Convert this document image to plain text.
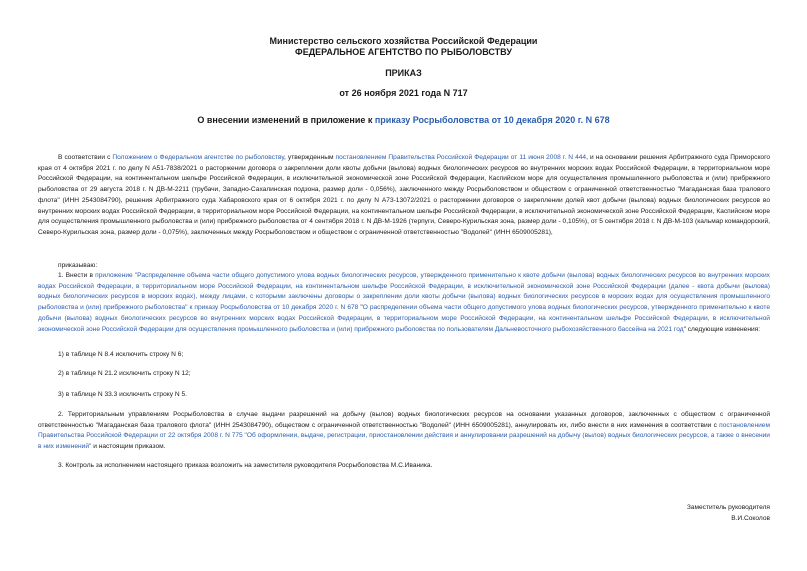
Министерство сельского хозяйства Российской Федерации

ФЕДЕРАЛЬНОЕ АГЕНТСТВО ПО РЫБОЛОВСТВУ

ПРИКАЗ

от 26 ноября 2021 года N 717

О внесении изменений в приложение к приказу Росрыболовства от 10 декабря 2020 г. N 678

В соответствии с Положением о Федеральном агентстве по рыболовству, утвержденным постановлением Правительства Российской Федерации от 11 июня 2008 г. N 444, и на основании решения Арбитражного суда Приморского края от 4 октября 2021 г. по делу N А51-7838/2021 о расторжении договора о закреплении доли квоты добычи (вылова) водных биологических ресурсов во внутренних морских водах Российской Федерации, в территориальном море Российской Федерации, на континентальном шельфе Российской Федерации, в исключительной экономической зоне Российской Федерации, Каспийском море для осуществления промышленного рыболовства и (или) прибрежного рыболовства от 29 августа 2018 г. N ДВ-М-2211 (трубачи, Западно-Сахалинская подзона, размер доли - 0,056%), заключенного между Росрыболовством и обществом с ограниченной ответственностью "Магаданская база тралового флота" (ИНН 2543084790), решения Арбитражного суда Хабаровского края от 6 октября 2021 г. по делу N А73-13072/2021 о расторжении договоров о закреплении долей квот добычи (вылова) водных биологических ресурсов во внутренних морских водах Российской Федерации, в территориальном море Российской Федерации, на континентальном шельфе Российской Федерации, в исключительной экономической зоне Российской Федерации, Каспийском море для осуществления промышленного рыболовства и (или) прибрежного рыболовства от 4 сентября 2018 г. N ДВ-М-1926 (терпуги, Северо-Курильская зона, размер доли - 0,105%), от 5 сентября 2018 г. N ДВ-М-103 (кальмар командорский, Северо-Курильская зона, размер доли - 0,075%), заключенных между Росрыболовством и обществом с ограниченной ответственностью "Водолей" (ИНН 6509005281),

приказываю:

1. Внести в приложение "Распределение объема части общего допустимого улова водных биологических ресурсов, утвержденного применительно к квоте добычи (вылова) водных биологических ресурсов во внутренних морских водах Российской Федерации, в территориальном море Российской Федерации, на континентальном шельфе Российской Федерации, в исключительной экономической зоне Российской Федерации (далее - квота добычи (вылова) водных биологических ресурсов в морских водах), между лицами, с которыми заключены договоры о закреплении доли квоты добычи (вылова) водных биологических ресурсов в морских водах для осуществления промышленного рыболовства и (или) прибрежного рыболовства" к приказу Росрыболовства от 10 декабря 2020 г. N 678 "О распределении объема части общего допустимого улова водных биологических ресурсов, утвержденного применительно к квоте добычи (вылова) водных биологических ресурсов во внутренних морских водах Российской Федерации, в территориальном море Российской Федерации, на континентальном шельфе Российской Федерации, в исключительной экономической зоне Российской Федерации для осуществления промышленного рыболовства и (или) прибрежного рыболовства по пользователям Дальневосточного рыбохозяйственного бассейна на 2021 год" следующие изменения:

1) в таблице N 8.4 исключить строку N 6;

2) в таблице N 21.2 исключить строку N 12;

3) в таблице N 33.3 исключить строку N 5.

2. Территориальным управлениям Росрыболовства в случае выдачи разрешений на добычу (вылов) водных биологических ресурсов на основании указанных договоров, заключенных с обществом с ограниченной ответственностью "Магаданская база тралового флота" (ИНН 2543084790), обществом с ограниченной ответственностью "Водолей" (ИНН 6509005281), аннулировать их, либо внести в них изменения в соответствии с постановлением Правительства Российской Федерации от 22 октября 2008 г. N 775 "Об оформлении, выдаче, регистрации, приостановлении действия и аннулировании разрешений на добычу (вылов) водных биологических ресурсов, а также о внесении в них изменений" и настоящим приказом.

3. Контроль за исполнением настоящего приказа возложить на заместителя руководителя Росрыболовства М.С.Иваника.

Заместитель руководителя
В.И.Соколов
